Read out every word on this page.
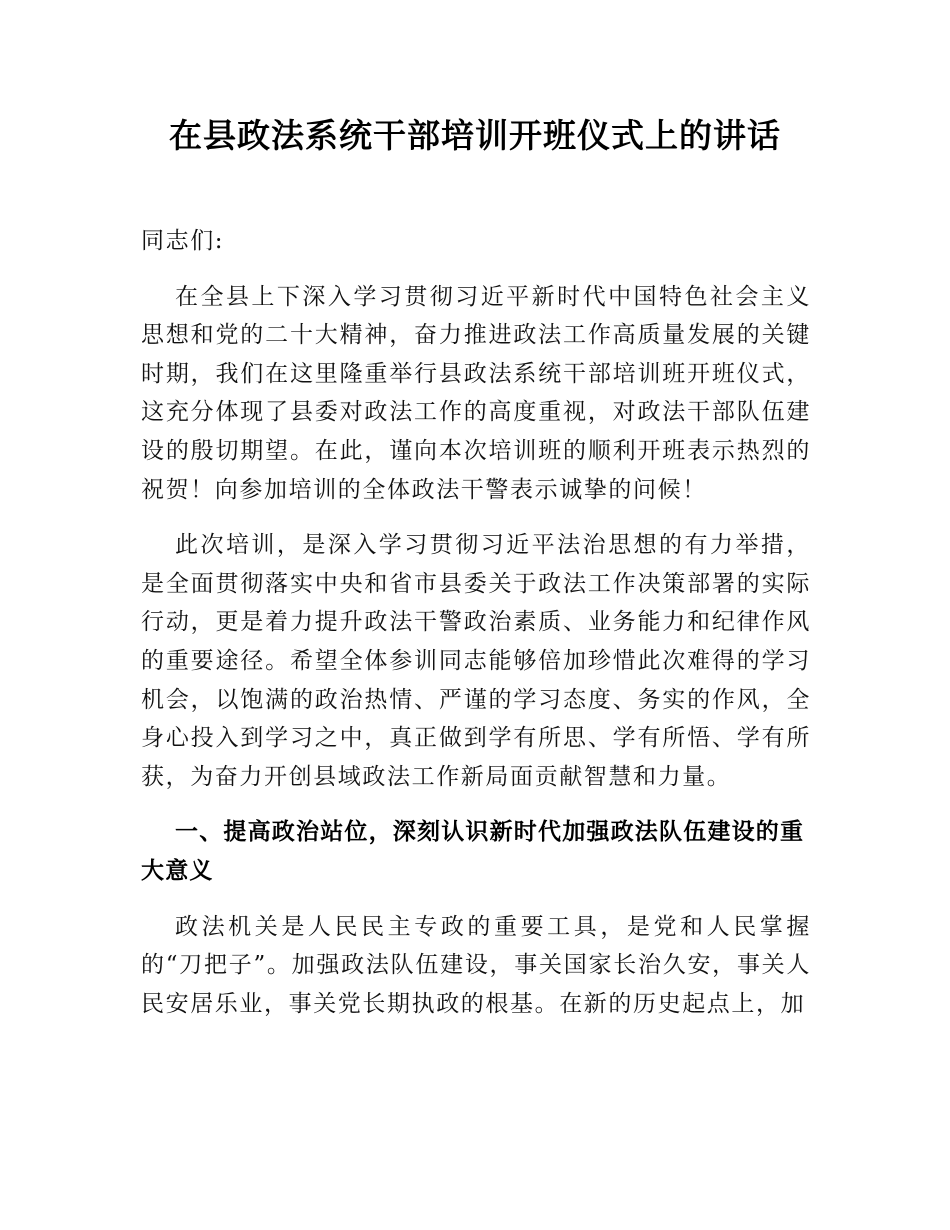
在县政法系统干部培训开班仪式上的讲话

同志们:

在全县上下深入学习贯彻习近平新时代中国特色社会主义思想和党的二十大精神，奋力推进政法工作高质量发展的关键时期，我们在这里隆重举行县政法系统干部培训班开班仪式，这充分体现了县委对政法工作的高度重视，对政法干部队伍建设的殷切期望。在此，谨向本次培训班的顺利开班表示热烈的祝贺！向参加培训的全体政法干警表示诚挚的问候！

此次培训，是深入学习贯彻习近平法治思想的有力举措，是全面贯彻落实中央和省市县委关于政法工作决策部署的实际行动，更是着力提升政法干警政治素质、业务能力和纪律作风的重要途径。希望全体参训同志能够倍加珍惜此次难得的学习机会，以饱满的政治热情、严谨的学习态度、务实的作风，全身心投入到学习之中，真正做到学有所思、学有所悟、学有所获，为奋力开创县域政法工作新局面贡献智慧和力量。

一、提高政治站位，深刻认识新时代加强政法队伍建设的重大意义

政法机关是人民民主专政的重要工具，是党和人民掌握的“刀把子”。加强政法队伍建设，事关国家长治久安，事关人民安居乐业，事关党长期执政的根基。在新的历史起点上，加
